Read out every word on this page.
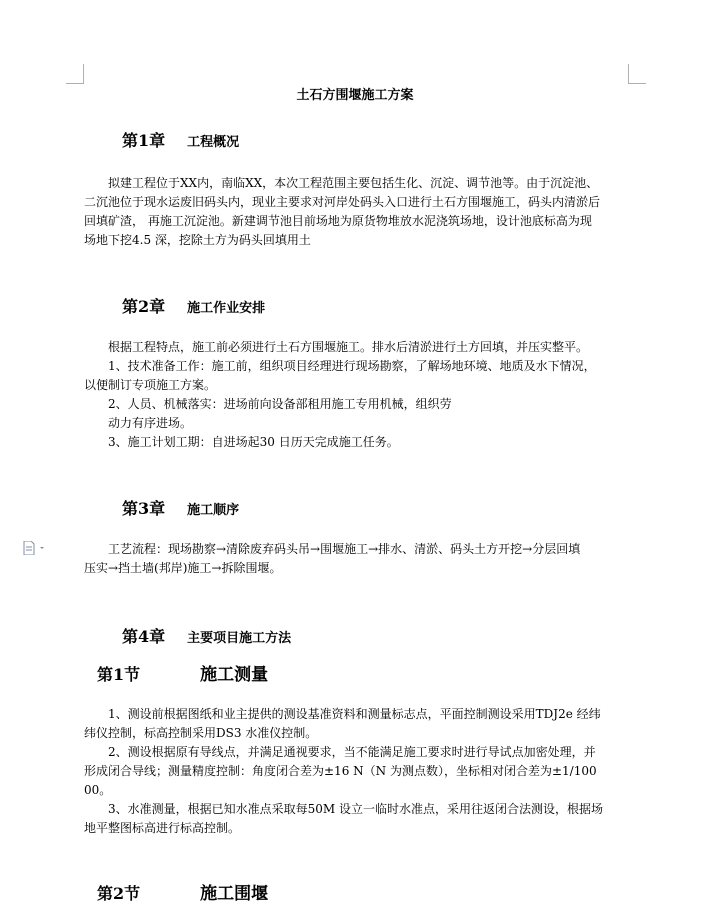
土石方围堰施工方案
第1章 工程概况

拟建工程位于XX内，南临XX，本次工程范围主要包括生化、沉淀、调节池等。由于沉淀池、
二沉池位于现水运废旧码头内，现业主要求对河岸处码头入口进行土石方围堰施工，码头内清淤后
回填矿渣， 再施工沉淀池。新建调节池目前场地为原货物堆放水泥浇筑场地，设计池底标高为现
场地下挖4.5 深，挖除土方为码头回填用土

第2章 施工作业安排

根据工程特点，施工前必须进行土石方围堰施工。排水后清淤进行土方回填，并压实整平。
1、技术准备工作：施工前，组织项目经理进行现场勘察，了解场地环境、地质及水下情况，
以便制订专项施工方案。
2、人员、机械落实：进场前向设备部租用施工专用机械，组织劳
动力有序进场。
3、施工计划工期：自进场起30 日历天完成施工任务。

第3章 施工顺序

工艺流程：现场勘察→清除废弃码头吊→围堰施工→排水、清淤、码头土方开挖→分层回填
压实→挡土墙(邦岸)施工→拆除围堰。

第4章 主要项目施工方法
第1节	施工测量

1、测设前根据图纸和业主提供的测设基准资料和测量标志点，平面控制测设采用TDJ2e 经纬
纬仪控制，标高控制采用DS3 水准仪控制。
2、测设根据原有导线点，并满足通视要求，当不能满足施工要求时进行导试点加密处理，并
形成闭合导线；测量精度控制：角度闭合差为±16 N（N 为测点数），坐标相对闭合差为±1/100
00。
3、水准测量，根据已知水准点采取每50M 设立一临时水准点，采用往返闭合法测设，根据场
地平整图标高进行标高控制。

第2节	施工围堰
